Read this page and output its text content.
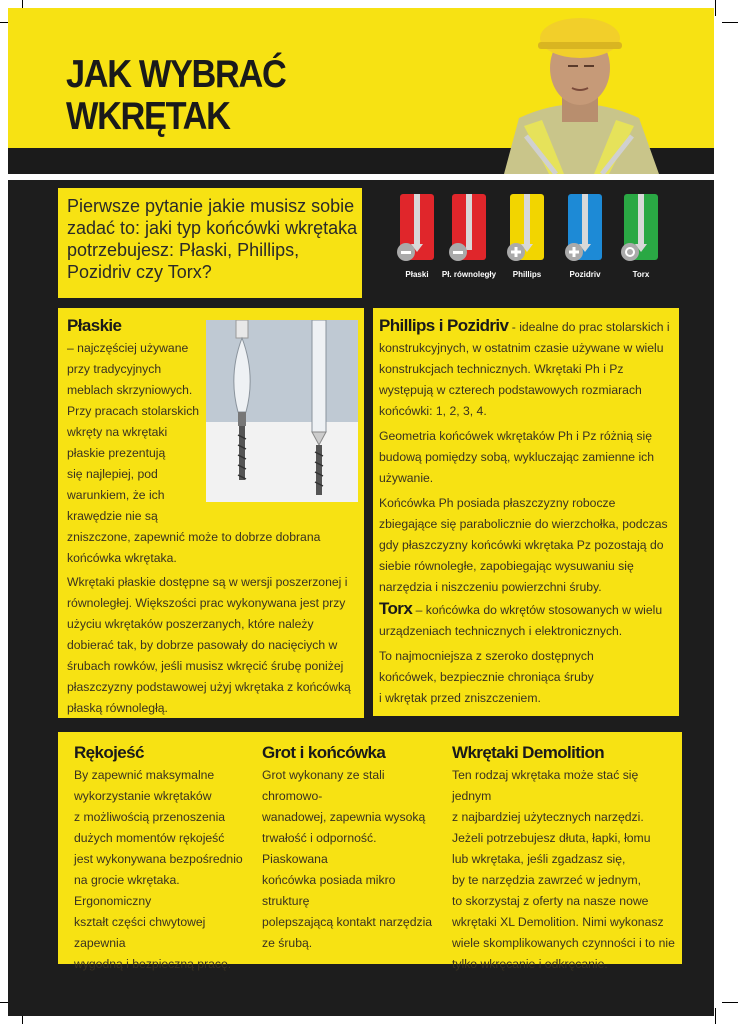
JAK WYBRAĆ
WKRĘTAK

Pierwsze pytanie jakie musisz sobie zadać to: jaki typ końcówki wkrętaka potrzebujesz: Płaski, Phillips, Pozidriv czy Torx?	Płaski	Pł. równoległy	Phillips	Pozidriv	Torx
Płaskie

– najczęściej używane

przy tradycyjnych

meblach skrzyniowych.

Przy pracach stolarskich

wkręty na wkrętaki

płaskie prezentują

się najlepiej, pod

warunkiem, że ich

krawędzie nie są

zniszczone, zapewnić może to dobrze dobrana końcówka wkrętaka.

Wkrętaki płaskie dostępne są w wersji poszerzonej i równoległej. Większości prac wykonywana jest przy użyciu wkrętaków poszerzanych, które należy dobierać tak, by dobrze pasowały do nacięciych w śrubach rowków, jeśli musisz wkręcić śrubę poniżej płaszczyzny podstawowej użyj wkrętaka z końcówką płaską równoległą.

Phillips i Pozidriv - idealne do prac stolarskich i konstrukcyjnych, w ostatnim czasie używane w wielu konstrukcjach technicznych. Wkrętaki Ph i Pz występują w czterech podstawowych rozmiarach końcówki: 1, 2, 3, 4.

Geometria końcówek wkrętaków Ph i Pz różnią się budową pomiędzy sobą, wykluczając zamienne ich używanie.

Końcówka Ph posiada płaszczyzny robocze zbiegające się parabolicznie do wierzchołka, podczas gdy płaszczyzny końcówki wkrętaka Pz pozostają do siebie równoległe, zapobiegając wysuwaniu się narzędzia i niszczeniu powierzchni śruby.

Torx – końcówka do wkrętów stosowanych w wielu urządzeniach technicznych i elektronicznych.

To najmocniejsza z szeroko dostępnych końcówek, bezpiecznie chroniąca śruby i wkrętak przed zniszczeniem.

Rękojeść

By zapewnić maksymalne

wykorzystanie wkrętaków

z możliwością przenoszenia

dużych momentów rękojeść

jest wykonywana bezpośrednio

na grocie wkrętaka. Ergonomiczny

kształt części chwytowej zapewnia

wygodną i bezpieczną pracę.

Grot i końcówka

Grot wykonany ze stali chromowo-

wanadowej, zapewnia wysoką

trwałość i odporność. Piaskowana

końcówka posiada mikro strukturę

polepszającą kontakt narzędzia

ze śrubą.

Wkrętaki Demolition

Ten rodzaj wkrętaka może stać się jednym

z najbardziej użytecznych narzędzi.

Jeżeli potrzebujesz dłuta, łapki, łomu

lub wkrętaka, jeśli zgadzasz się,

by te narzędzia zawrzeć w jednym,

to skorzystaj z oferty na nasze nowe

wkrętaki XL Demolition. Nimi wykonasz

wiele skomplikowanych czynności i to nie

tylko wkręcanie i odkręcanie.
